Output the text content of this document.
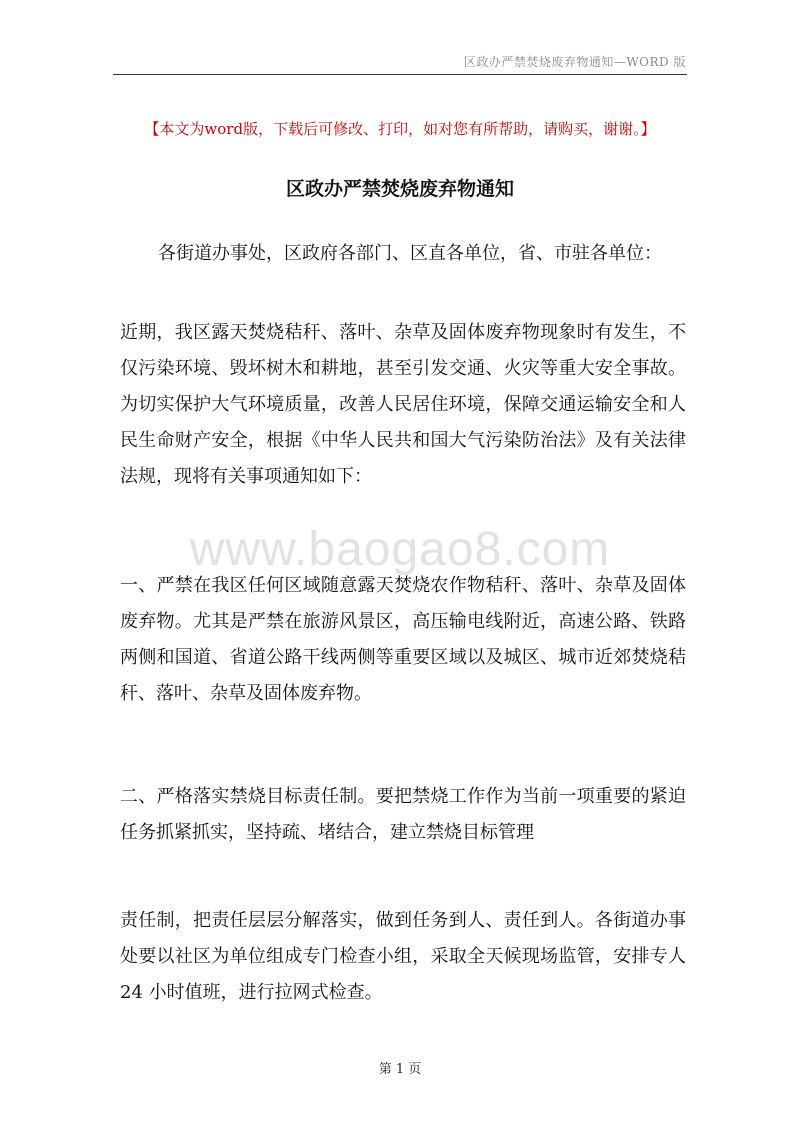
区政办严禁焚烧废弃物通知—WORD 版
【本文为word版，下载后可修改、打印，如对您有所帮助，请购买，谢谢。】
区政办严禁焚烧废弃物通知
各街道办事处，区政府各部门、区直各单位，省、市驻各单位：
近期，我区露天焚烧秸秆、落叶、杂草及固体废弃物现象时有发生，不仅污染环境、毁坏树木和耕地，甚至引发交通、火灾等重大安全事故。为切实保护大气环境质量，改善人民居住环境，保障交通运输安全和人民生命财产安全，根据《中华人民共和国大气污染防治法》及有关法律法规，现将有关事项通知如下：
www.baogao8.com
一、严禁在我区任何区域随意露天焚烧农作物秸秆、落叶、杂草及固体废弃物。尤其是严禁在旅游风景区，高压输电线附近，高速公路、铁路两侧和国道、省道公路干线两侧等重要区域以及城区、城市近郊焚烧秸秆、落叶、杂草及固体废弃物。
二、严格落实禁烧目标责任制。要把禁烧工作作为当前一项重要的紧迫任务抓紧抓实，坚持疏、堵结合，建立禁烧目标管理
责任制，把责任层层分解落实，做到任务到人、责任到人。各街道办事处要以社区为单位组成专门检查小组，采取全天候现场监管，安排专人 24 小时值班，进行拉网式检查。
第 1 页
